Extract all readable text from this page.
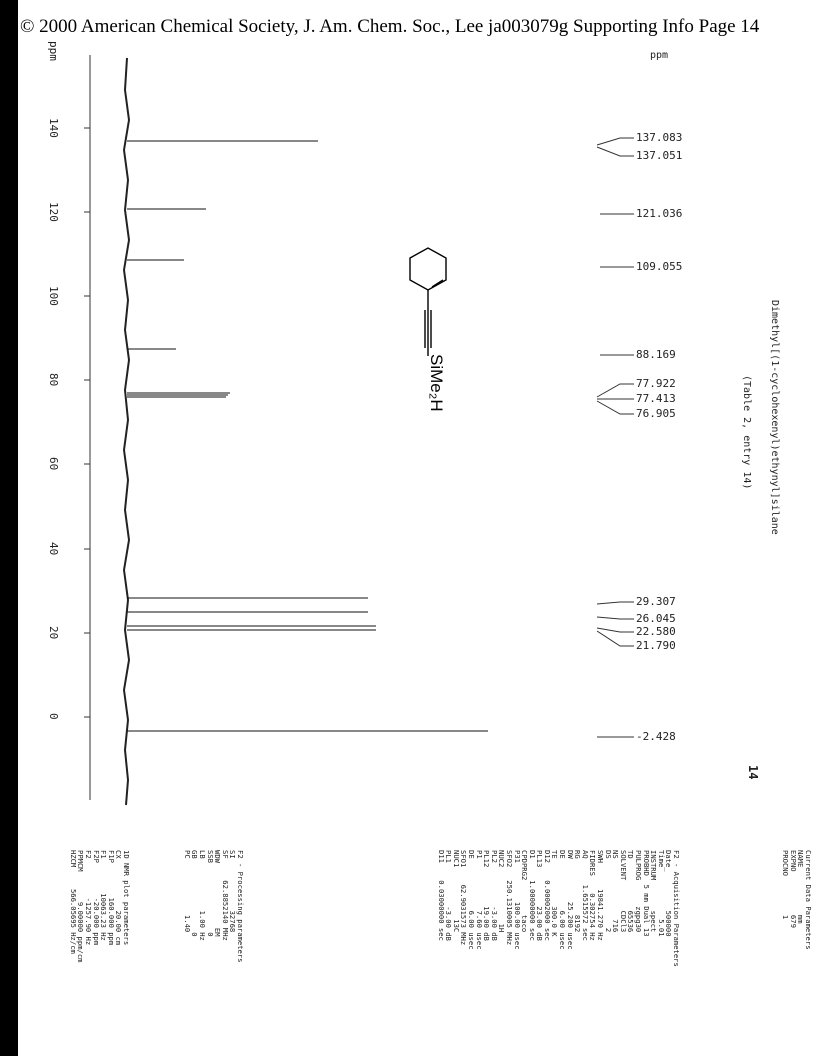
© 2000 American Chemical Society, J. Am. Chem. Soc., Lee ja003079g Supporting Info Page 14
ppm
ppm
140
120
100
80
60
40
20
0
137.083
137.051
121.036
109.055
88.169
77.922
77.413
76.905
29.307
26.045
22.580
21.790
-2.428
SiMe₂H	Dimethyl[(1-cyclohexenyl)ethynyl]silane
(Table 2, entry 14)
14
Current Data Parameters
NAME           mm
EXPNO          679
PROCNO         1
F2 - Acquisition Parameters
Date_         500000
Time            5.01
INSTRUM       spect
PROBHD  5 mm Dual 13
PULPROG      zgpg30
TD            65536
SOLVENT       CDCl3
NS              716
DS                2
SWH      19841.270 Hz
FIDRES    0.302754 Hz
AQ      1.6515572 sec
RG             8192
DW          25.200 usec
DE            6.00 usec
TE           300.0 K
D12    0.00002000 sec
PL13         23.00 dB
D1     1.00000000 sec
CPDPRG2        taco
P31         100.00 usec
SFO2   250.1310005 MHz
NUC2             1H
PL2          -3.00 dB
PL12         19.00 dB
P1            7.60 usec
DE            6.00 usec
SFO1    62.9031573 MHz
NUC1            13C
PL1          -3.00 dB
D11    0.03000000 sec
F2 - Processing parameters
SI            32768
SF     62.8852140 MHz
WDW               EM
SSB                0
LB            1.00 Hz
GB                 0
PC             1.40
1D NMR plot parameters
CX            20.00 cm
F1P        160.000 ppm
F1        10063.23 Hz
F2P        -20.000 ppm
F2         -1257.90 Hz
PPMCM       9.00000 ppm/cm
HZCM     566.05695 Hz/cm
